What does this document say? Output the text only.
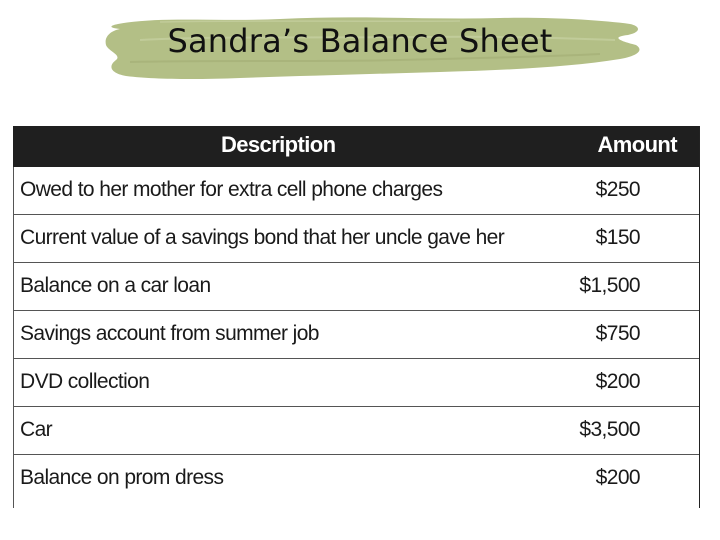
Sandra’s Balance Sheet
Description	Amount
Owed to her mother for extra cell phone charges	$250
Current value of a savings bond that her uncle gave her	$150
Balance on a car loan	$1,500
Savings account from summer job	$750
DVD collection	$200
Car	$3,500
Balance on prom dress	$200
